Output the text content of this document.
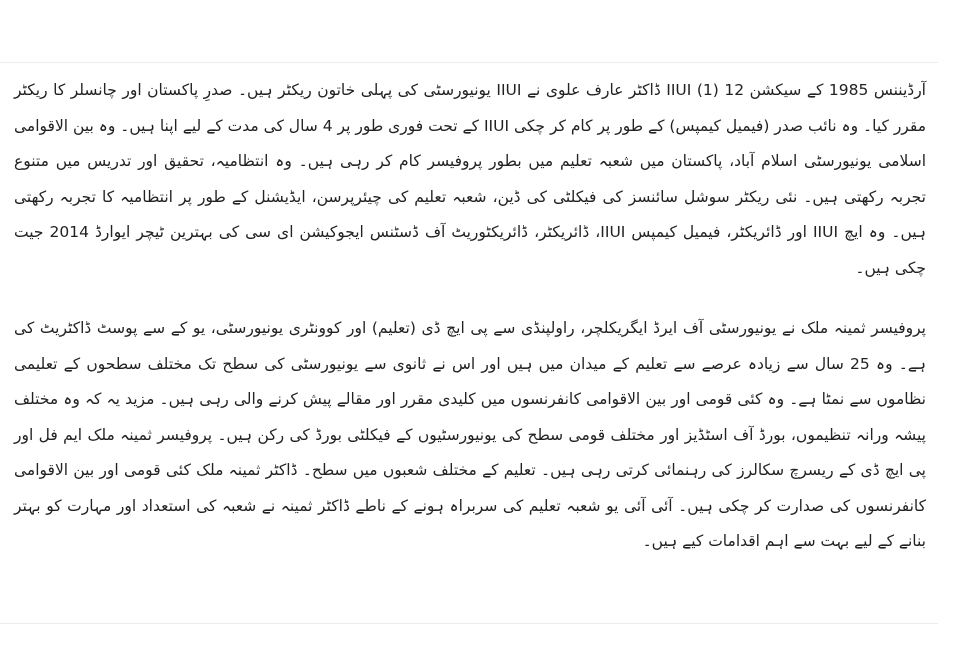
آرڈیننس 1985 کے سیکشن 12 (1) IIUI ڈاکٹر عارف علوی نے IIUI یونیورسٹی کی پہلی خاتون ریکٹر ہیں۔ صدرِ پاکستان اور چانسلر کا ریکٹر مقرر کیا۔ وہ نائب صدر (فیمیل کیمپس) کے طور پر کام کر چکی IIUI کے تحت فوری طور پر 4 سال کی مدت کے لیے اپنا ہیں۔ وہ بین الاقوامی اسلامی یونیورسٹی اسلام آباد، پاکستان میں شعبہ تعلیم میں بطور پروفیسر کام کر رہی ہیں۔ وہ انتظامیہ، تحقیق اور تدریس میں متنوع تجربہ رکھتی ہیں۔ نئی ریکٹر سوشل سائنسز کی فیکلٹی کی ڈین، شعبہ تعلیم کی چیئرپرسن، ایڈیشنل کے طور پر انتظامیہ کا تجربہ رکھتی ہیں۔ وہ ایچ IIUI اور ڈائریکٹر، فیمیل کیمپس IIUI، ڈائریکٹر، ڈائریکٹوریٹ آف ڈسٹنس ایجوکیشن ای سی کی بہترین ٹیچر ایوارڈ 2014 جیت چکی ہیں۔

پروفیسر ثمینہ ملک نے یونیورسٹی آف ایرڈ ایگریکلچر، راولپنڈی سے پی ایچ ڈی (تعلیم) اور کوونٹری یونیورسٹی، یو کے سے پوسٹ ڈاکٹریٹ کی ہے۔ وہ 25 سال سے زیادہ عرصے سے تعلیم کے میدان میں ہیں اور اس نے ثانوی سے یونیورسٹی کی سطح تک مختلف سطحوں کے تعلیمی نظاموں سے نمٹا ہے۔ وہ کئی قومی اور بین الاقوامی کانفرنسوں میں کلیدی مقرر اور مقالے پیش کرنے والی رہی ہیں۔ مزید یہ کہ وہ مختلف پیشہ ورانہ تنظیموں، بورڈ آف اسٹڈیز اور مختلف قومی سطح کی یونیورسٹیوں کے فیکلٹی بورڈ کی رکن ہیں۔ پروفیسر ثمینہ ملک ایم فل اور پی ایچ ڈی کے ریسرچ سکالرز کی رہنمائی کرتی رہی ہیں۔ تعلیم کے مختلف شعبوں میں سطح۔ ڈاکٹر ثمینہ ملک کئی قومی اور بین الاقوامی کانفرنسوں کی صدارت کر چکی ہیں۔ آئی آئی یو شعبہ تعلیم کی سربراہ ہونے کے ناطے ڈاکٹر ثمینہ نے شعبہ کی استعداد اور مہارت کو بہتر بنانے کے لیے بہت سے اہم اقدامات کیے ہیں۔
